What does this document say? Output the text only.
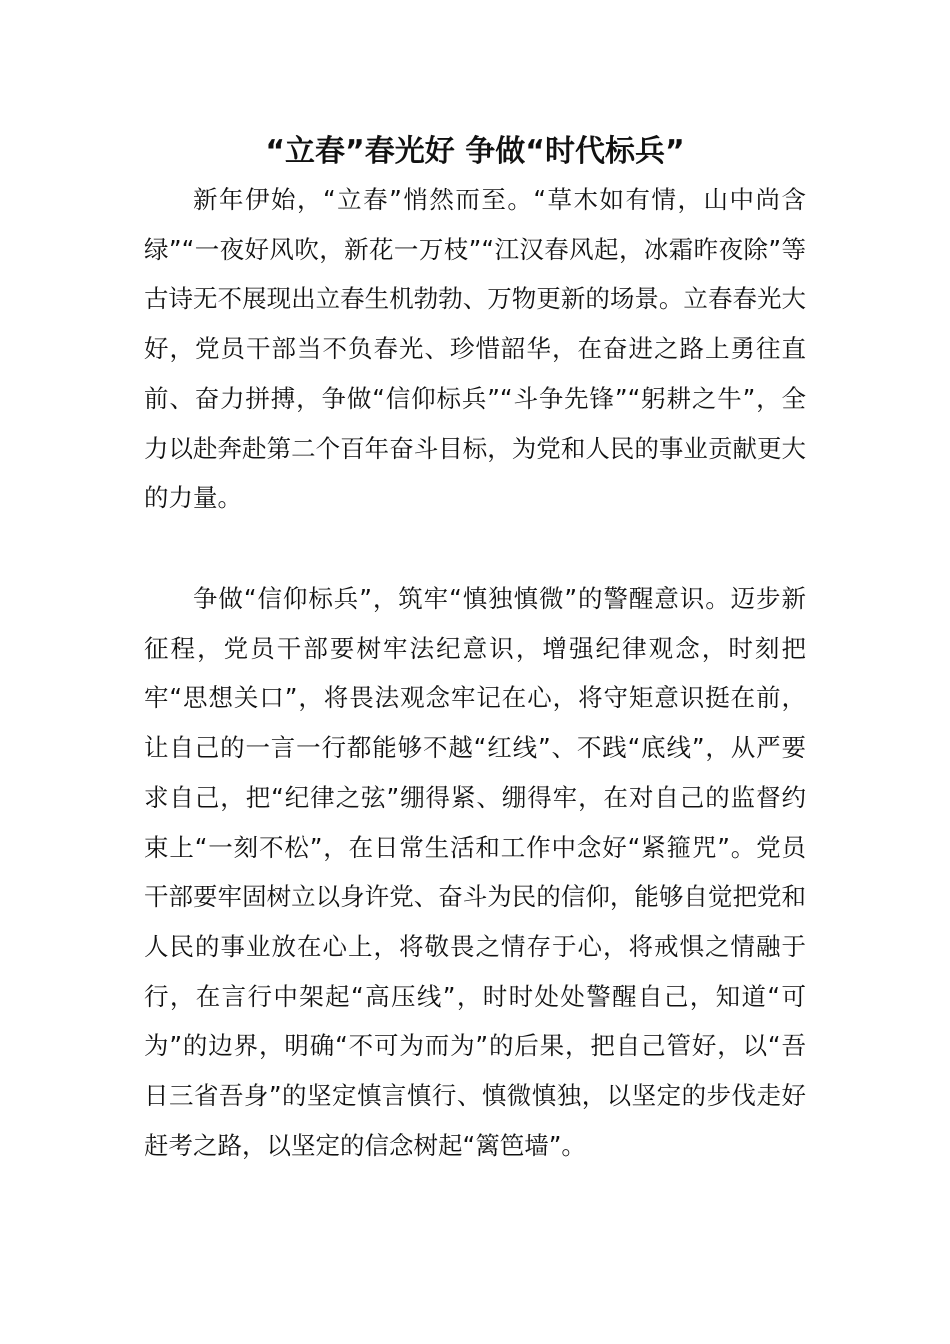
“立春”春光好 争做“时代标兵”

新年伊始，“立春”悄然而至。“草木如有情，山中尚含绿”“一夜好风吹，新花一万枝”“江汉春风起，冰霜昨夜除”等古诗无不展现出立春生机勃勃、万物更新的场景。立春春光大好，党员干部当不负春光、珍惜韶华，在奋进之路上勇往直前、奋力拼搏，争做“信仰标兵”“斗争先锋”“躬耕之牛”，全力以赴奔赴第二个百年奋斗目标，为党和人民的事业贡献更大的力量。

争做“信仰标兵”，筑牢“慎独慎微”的警醒意识。迈步新征程，党员干部要树牢法纪意识，增强纪律观念，时刻把牢“思想关口”，将畏法观念牢记在心，将守矩意识挺在前，让自己的一言一行都能够不越“红线”、不践“底线”，从严要求自己，把“纪律之弦”绷得紧、绷得牢，在对自己的监督约束上“一刻不松”，在日常生活和工作中念好“紧箍咒”。党员干部要牢固树立以身许党、奋斗为民的信仰，能够自觉把党和人民的事业放在心上，将敬畏之情存于心，将戒惧之情融于行，在言行中架起“高压线”，时时处处警醒自己，知道“可为”的边界，明确“不可为而为”的后果，把自己管好，以“吾日三省吾身”的坚定慎言慎行、慎微慎独，以坚定的步伐走好赶考之路，以坚定的信念树起“篱笆墙”。
